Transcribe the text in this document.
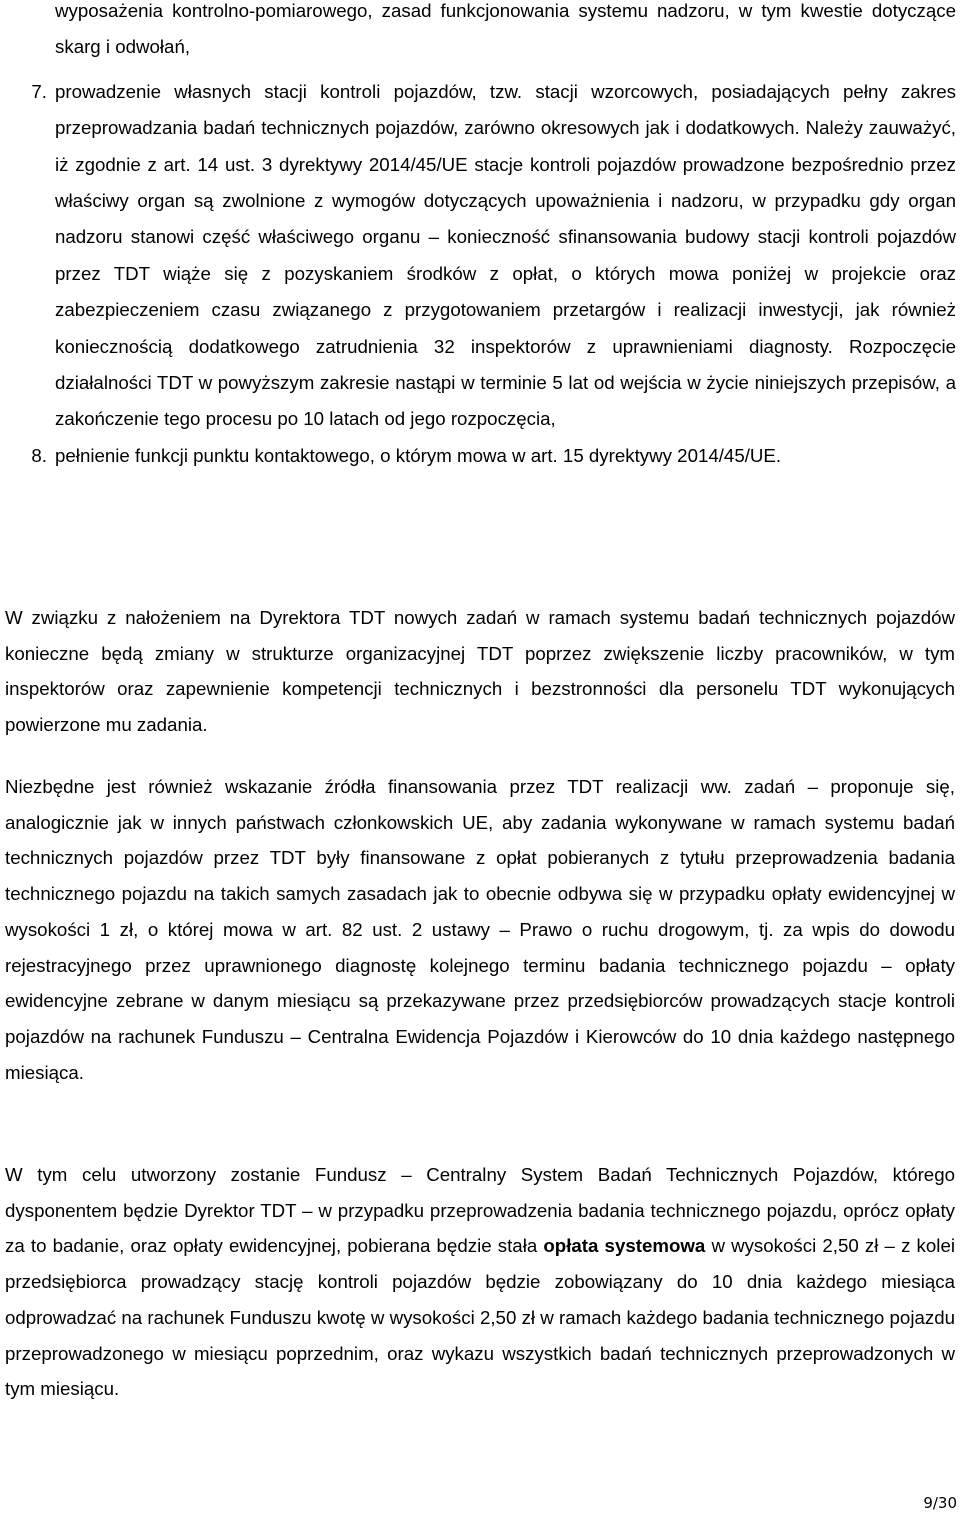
wyposażenia kontrolno-pomiarowego, zasad funkcjonowania systemu nadzoru, w tym kwestie dotyczące skarg i odwołań,
7. prowadzenie własnych stacji kontroli pojazdów, tzw. stacji wzorcowych, posiadających pełny zakres przeprowadzania badań technicznych pojazdów, zarówno okresowych jak i dodatkowych. Należy zauważyć, iż zgodnie z art. 14 ust. 3 dyrektywy 2014/45/UE stacje kontroli pojazdów prowadzone bezpośrednio przez właściwy organ są zwolnione z wymogów dotyczących upoważnienia i nadzoru, w przypadku gdy organ nadzoru stanowi część właściwego organu – konieczność sfinansowania budowy stacji kontroli pojazdów przez TDT wiąże się z pozyskaniem środków z opłat, o których mowa poniżej w projekcie oraz zabezpieczeniem czasu związanego z przygotowaniem przetargów i realizacji inwestycji, jak również koniecznością dodatkowego zatrudnienia 32 inspektorów z uprawnieniami diagnosty. Rozpoczęcie działalności TDT w powyższym zakresie nastąpi w terminie 5 lat od wejścia w życie niniejszych przepisów, a zakończenie tego procesu po 10 latach od jego rozpoczęcia,
8. pełnienie funkcji punktu kontaktowego, o którym mowa w art. 15 dyrektywy 2014/45/UE.

W związku z nałożeniem na Dyrektora TDT nowych zadań w ramach systemu badań technicznych pojazdów konieczne będą zmiany w strukturze organizacyjnej TDT poprzez zwiększenie liczby pracowników, w tym inspektorów oraz zapewnienie kompetencji technicznych i bezstronności dla personelu TDT wykonujących powierzone mu zadania.

Niezbędne jest również wskazanie źródła finansowania przez TDT realizacji ww. zadań – proponuje się, analogicznie jak w innych państwach członkowskich UE, aby zadania wykonywane w ramach systemu badań technicznych pojazdów przez TDT były finansowane z opłat pobieranych z tytułu przeprowadzenia badania technicznego pojazdu na takich samych zasadach jak to obecnie odbywa się w przypadku opłaty ewidencyjnej w wysokości 1 zł, o której mowa w art. 82 ust. 2 ustawy – Prawo o ruchu drogowym, tj. za wpis do dowodu rejestracyjnego przez uprawnionego diagnostę kolejnego terminu badania technicznego pojazdu – opłaty ewidencyjne zebrane w danym miesiącu są przekazywane przez przedsiębiorców prowadzących stacje kontroli pojazdów na rachunek Funduszu – Centralna Ewidencja Pojazdów i Kierowców do 10 dnia każdego następnego miesiąca.

W tym celu utworzony zostanie Fundusz – Centralny System Badań Technicznych Pojazdów, którego dysponentem będzie Dyrektor TDT – w przypadku przeprowadzenia badania technicznego pojazdu, oprócz opłaty za to badanie, oraz opłaty ewidencyjnej, pobierana będzie stała opłata systemowa w wysokości 2,50 zł – z kolei przedsiębiorca prowadzący stację kontroli pojazdów będzie zobowiązany do 10 dnia każdego miesiąca odprowadzać na rachunek Funduszu kwotę w wysokości 2,50 zł w ramach każdego badania technicznego pojazdu przeprowadzonego w miesiącu poprzednim, oraz wykazu wszystkich badań technicznych przeprowadzonych w tym miesiącu.

9/30
